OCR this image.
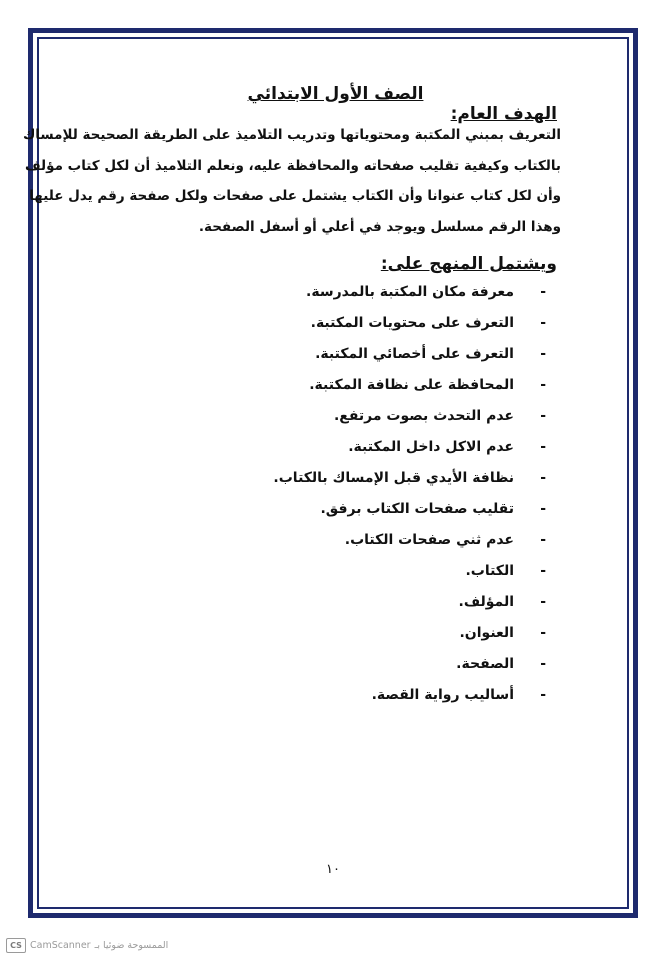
الصف الأول الابتدائي
الهدف العام:
التعريف بمبني المكتبة ومحتوياتها وتدريب التلاميذ على الطريقة الصحيحة للإمساك
بالكتاب وكيفية تقليب صفحاته والمحافظة عليه، ونعلم التلاميذ أن لكل كتاب مؤلف
وأن لكل كتاب عنوانا وأن الكتاب يشتمل على صفحات ولكل صفحة رقم يدل عليها
وهذا الرقم مسلسل ويوجد في أعلي أو أسفل الصفحة.
ويشتمل المنهج على:
-
معرفة مكان المكتبة بالمدرسة.
-
التعرف على محتويات المكتبة.
-
التعرف على أخصائي المكتبة.
-
المحافظة على نظافة المكتبة.
-
عدم التحدث بصوت مرتفع.
-
عدم الاكل داخل المكتبة.
-
نظافة الأيدي قبل الإمساك بالكتاب.
-
تقليب صفحات الكتاب برفق.
-
عدم ثني صفحات الكتاب.
-
الكتاب.
-
المؤلف.
-
العنوان.
-
الصفحة.
-
أساليب رواية القصة.
١٠
CS CamScanner الممسوحة ضوئيا بـ
